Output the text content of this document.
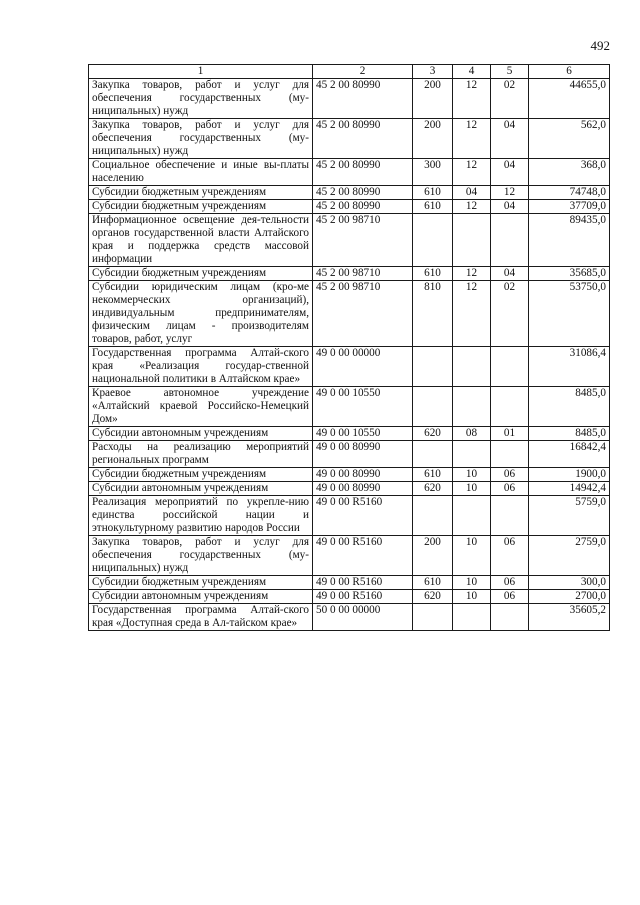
492
1	2	3	4	5	6
Закупка товаров, работ и услуг для обеспечения государственных (му-ниципальных) нужд	45 2 00 80990	200	12	02	44655,0
Закупка товаров, работ и услуг для обеспечения государственных (му-ниципальных) нужд	45 2 00 80990	200	12	04	562,0
Социальное обеспечение и иные вы-платы населению	45 2 00 80990	300	12	04	368,0
Субсидии бюджетным учреждениям	45 2 00 80990	610	04	12	74748,0
Субсидии бюджетным учреждениям	45 2 00 80990	610	12	04	37709,0
Информационное освещение дея-тельности органов государственной власти Алтайского края и поддержка средств массовой информации	45 2 00 98710				89435,0
Субсидии бюджетным учреждениям	45 2 00 98710	610	12	04	35685,0
Субсидии юридическим лицам (кро-ме некоммерческих организаций), индивидуальным предпринимателям, физическим лицам - производителям товаров, работ, услуг	45 2 00 98710	810	12	02	53750,0
Государственная программа Алтай-ского края «Реализация государ-ственной национальной политики в Алтайском крае»	49 0 00 00000				31086,4
Краевое автономное учреждение «Алтайский краевой Российско-Немецкий Дом»	49 0 00 10550				8485,0
Субсидии автономным учреждениям	49 0 00 10550	620	08	01	8485,0
Расходы на реализацию мероприятий региональных программ	49 0 00 80990				16842,4
Субсидии бюджетным учреждениям	49 0 00 80990	610	10	06	1900,0
Субсидии автономным учреждениям	49 0 00 80990	620	10	06	14942,4
Реализация мероприятий по укрепле-нию единства российской нации и этнокультурному развитию народов России	49 0 00 R5160				5759,0
Закупка товаров, работ и услуг для обеспечения государственных (му-ниципальных) нужд	49 0 00 R5160	200	10	06	2759,0
Субсидии бюджетным учреждениям	49 0 00 R5160	610	10	06	300,0
Субсидии автономным учреждениям	49 0 00 R5160	620	10	06	2700,0
Государственная программа Алтай-ского края «Доступная среда в Ал-тайском крае»	50 0 00 00000				35605,2
